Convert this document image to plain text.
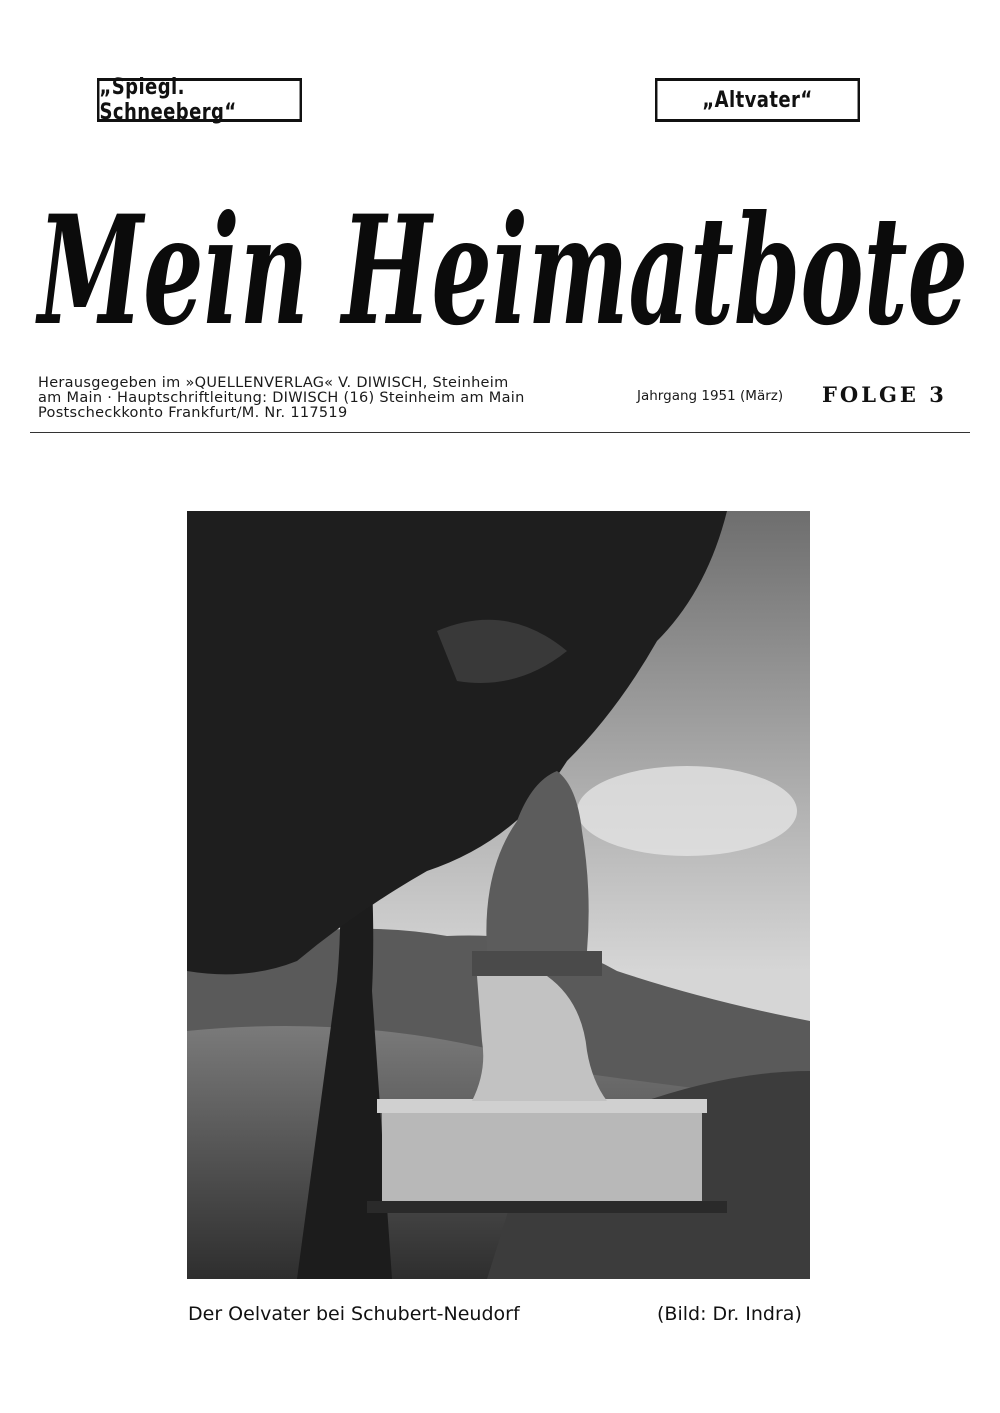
„Spiegl. Schneeberg“	„Altvater“
Mein Heimatbote
Herausgegeben im »QUELLENVERLAG« V. DIWISCH, Steinheim
am Main · Hauptschriftleitung: DIWISCH (16) Steinheim am Main
Postscheckkonto Frankfurt/M. Nr. 117519
Jahrgang 1951 (März) FOLGE 3
Der Oelvater bei Schubert-Neudorf	(Bild: Dr. Indra)
